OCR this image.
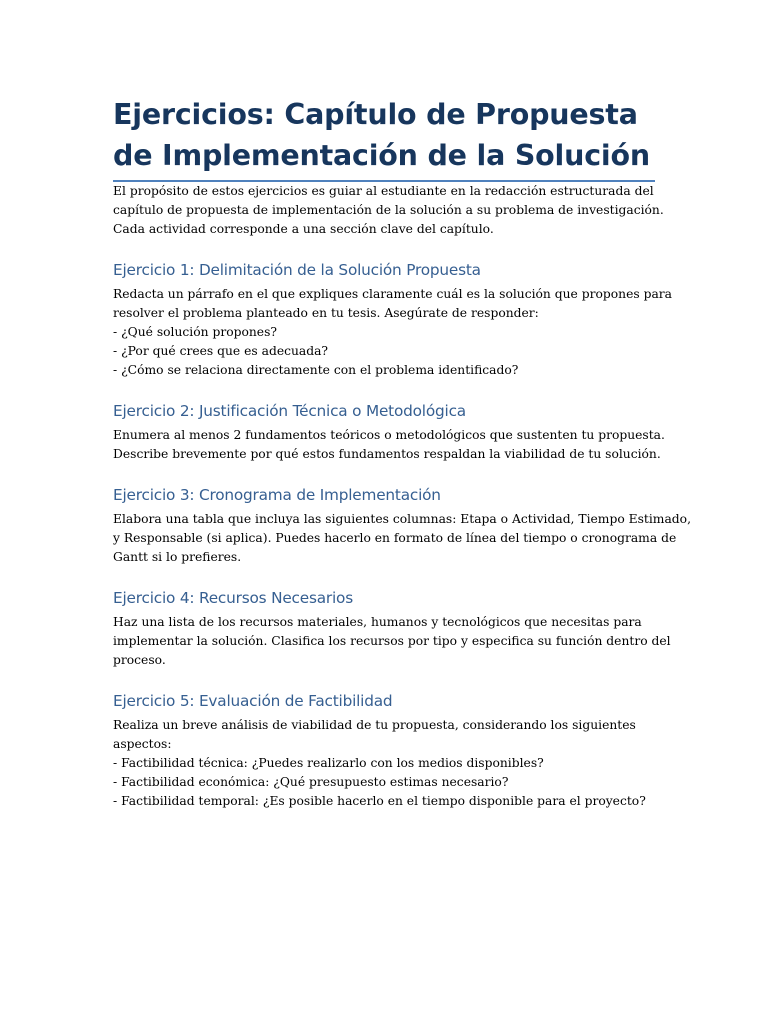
Ejercicios: Capítulo de Propuesta de Implementación de la Solución

El propósito de estos ejercicios es guiar al estudiante en la redacción estructurada del
capítulo de propuesta de implementación de la solución a su problema de investigación.
Cada actividad corresponde a una sección clave del capítulo.

Ejercicio 1: Delimitación de la Solución Propuesta

Redacta un párrafo en el que expliques claramente cuál es la solución que propones para
resolver el problema planteado en tu tesis. Asegúrate de responder:
- ¿Qué solución propones?
- ¿Por qué crees que es adecuada?
- ¿Cómo se relaciona directamente con el problema identificado?

Ejercicio 2: Justificación Técnica o Metodológica

Enumera al menos 2 fundamentos teóricos o metodológicos que sustenten tu propuesta.
Describe brevemente por qué estos fundamentos respaldan la viabilidad de tu solución.

Ejercicio 3: Cronograma de Implementación

Elabora una tabla que incluya las siguientes columnas: Etapa o Actividad, Tiempo Estimado,
y Responsable (si aplica). Puedes hacerlo en formato de línea del tiempo o cronograma de
Gantt si lo prefieres.

Ejercicio 4: Recursos Necesarios

Haz una lista de los recursos materiales, humanos y tecnológicos que necesitas para
implementar la solución. Clasifica los recursos por tipo y especifica su función dentro del
proceso.

Ejercicio 5: Evaluación de Factibilidad

Realiza un breve análisis de viabilidad de tu propuesta, considerando los siguientes
aspectos:
- Factibilidad técnica: ¿Puedes realizarlo con los medios disponibles?
- Factibilidad económica: ¿Qué presupuesto estimas necesario?
- Factibilidad temporal: ¿Es posible hacerlo en el tiempo disponible para el proyecto?
